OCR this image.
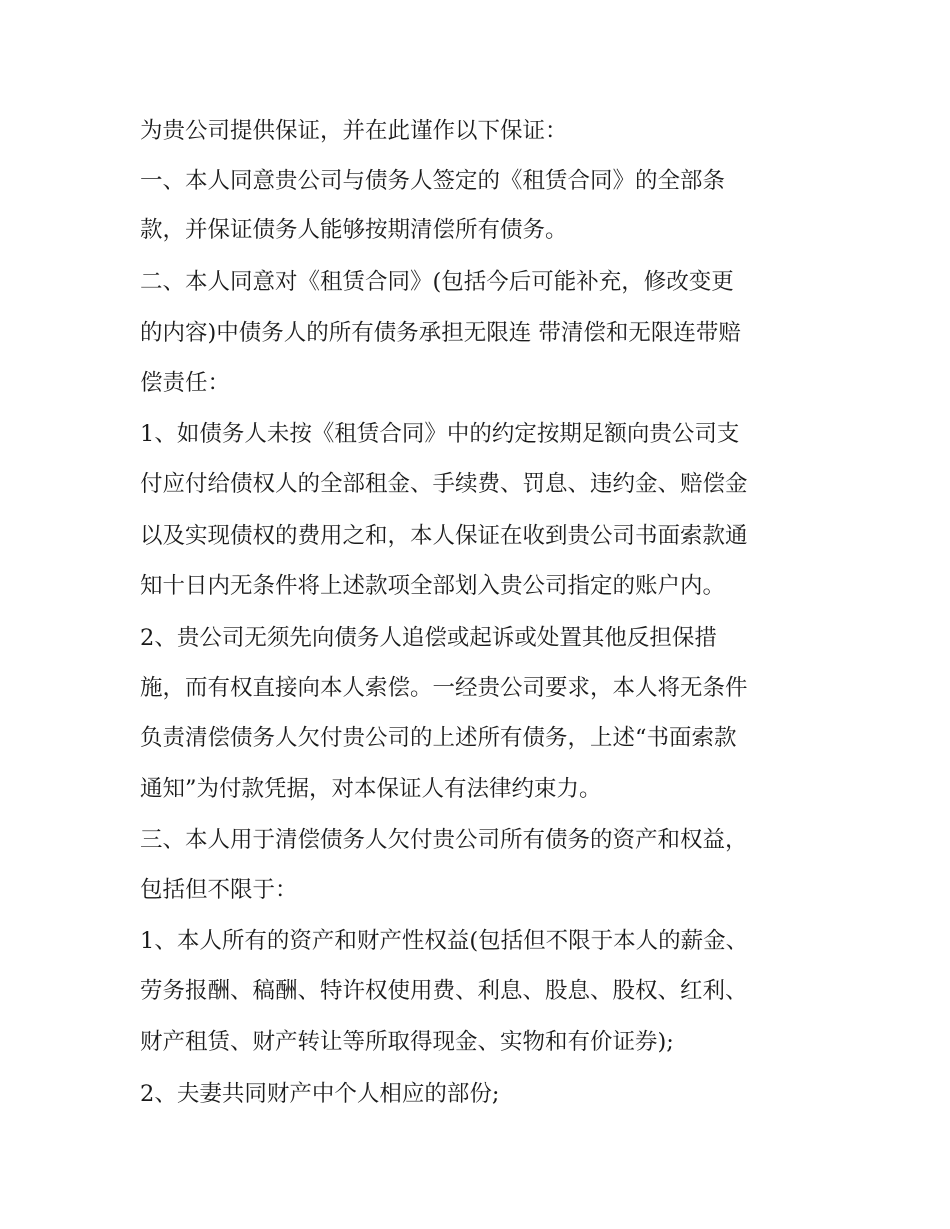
为贵公司提供保证，并在此谨作以下保证：

一、本人同意贵公司与债务人签定的《租赁合同》的全部条

款，并保证债务人能够按期清偿所有债务。

二、本人同意对《租赁合同》(包括今后可能补充，修改变更

的内容)中债务人的所有债务承担无限连 带清偿和无限连带赔

偿责任：

1、如债务人未按《租赁合同》中的约定按期足额向贵公司支

付应付给债权人的全部租金、手续费、罚息、违约金、赔偿金

以及实现债权的费用之和，本人保证在收到贵公司书面索款通

知十日内无条件将上述款项全部划入贵公司指定的账户内。

2、贵公司无须先向债务人追偿或起诉或处置其他反担保措

施，而有权直接向本人索偿。一经贵公司要求，本人将无条件

负责清偿债务人欠付贵公司的上述所有债务，上述“书面索款

通知”为付款凭据，对本保证人有法律约束力。

三、本人用于清偿债务人欠付贵公司所有债务的资产和权益，

包括但不限于：

1、本人所有的资产和财产性权益(包括但不限于本人的薪金、

劳务报酬、稿酬、特许权使用费、利息、股息、股权、红利、

财产租赁、财产转让等所取得现金、实物和有价证券);

2、夫妻共同财产中个人相应的部份;
